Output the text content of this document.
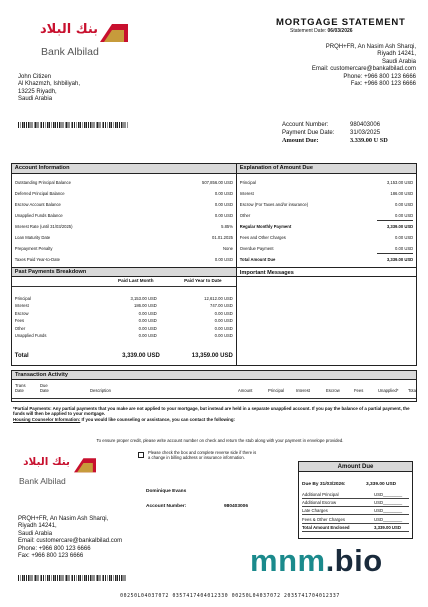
بنك البلاد
Bank Albilad
MORTGAGE STATEMENT
Statement Date: 06/03/2026
PRQH+FR, An Nasim Ash Sharqi,
Riyadh 14241,
Saudi Arabia
Email: customercare@bankalbilad.com
Phone: +966 800 123 6666
Fax: +966 800 123 6666
John Citizen
Al Khazmzh, Ishbiliyah,
13225 Riyadh,
Saudi Arabia
Account Number:	980403006
Payment Due Date:	31/03/2025
Amount Due:	3.339.00 U SD
Account Information
Outstanding Principal Balance	507,856.00 USD
Deferred Principal Balance	0.00 USD
Escrow Account Balance	0.00 USD
Unapplied Funds Balance	0.00 USD
Interest Rate (until 31/03/2025)	5.85%
Loan Maturity Date	01.01.2025
Prepayment Penalty	None
Taxes Paid Year-to-Date	0.00 USD
Explanation of Amount Due
Principal	3,153.00 USD
Interest	186.00 USD
Escrow (For Taxes and/or insurance)	0.00 USD
Other	0.00 USD
Regular Monthly Payment	3,339.00 USD
Fees and Other Charges	0.00 USD
Overdue Payment	0.00 USD
Total Amount Due	3,339.00 USD
Past Payments Breakdown
Paid Last Month	Paid Year to Date
Principal	3,153.00 USD	12,612.00 USD
Interest	186.00 USD	747.00 USD
Escrow	0.00 USD	0.00 USD
Fees	0.00 USD	0.00 USD
Other	0.00 USD	0.00 USD
Unapplied Funds	0.00 USD	0.00 USD
Total	3,339.00 USD	13,359.00 USD
Important Messages
Transaction Activity
Trans Date
Due Date	Description	Amount	Principal	Interest	Escrow	Fees	Unapplied* Total
*Partial Payments: Any partial payments that you make are not applied to your mortgage, but instead are held in a separate unapplied account. If you pay the balance of a partial payment, the funds will then be applied to your mortgage.
Housing Counselor Information: If you would like counseling or assistance, you can contact the following:
To ensure proper credit, please write account number on check and return the stub along with your payment in envelope provided.
بنك البلاد
Bank Albilad
Please check the box and complete reverse side if there is a change in billing address or insurance information.
Dominique Evans
Account Number:	980403006
Amount Due
Due By 31/03/2026:	3,339.00 USD
Additional Principal	USD________
Additional Escrow	USD________
Late Charges	USD________
Fees & Other Charges	USD________
Total Amount Enclosed	3,339.00 USD
PRQH+FR, An Nasim Ash Sharqi,
Riyadh 14241,
Saudi Arabia
Email: customercare@bankalbilad.com
Phone: +966 800 123 6666
Fax: +966 800 123 6666	mnm.bio
00250L04037072 0357417404012330 00250L04037072 2035741704012337
